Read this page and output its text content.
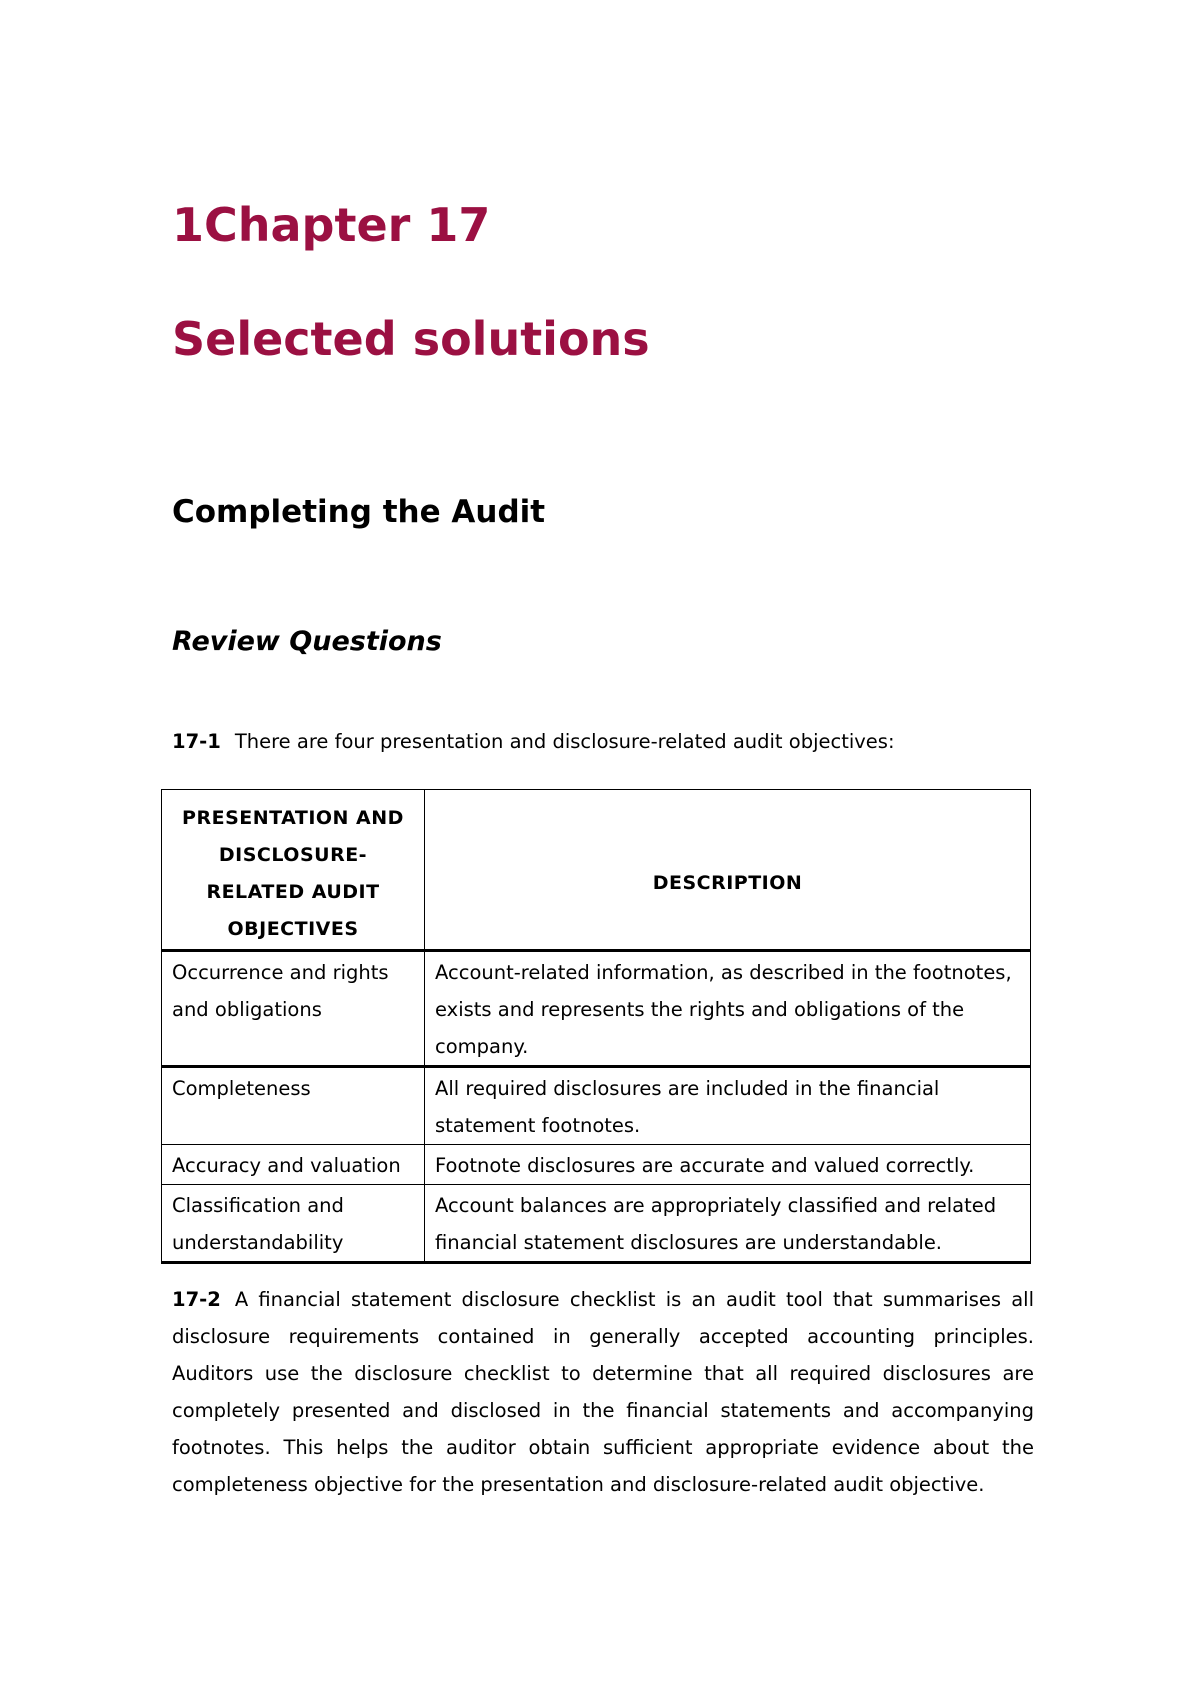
1Chapter 17
Selected solutions
Completing the Audit
Review Questions
17-1 There are four presentation and disclosure-related audit objectives:
PRESENTATION AND DISCLOSURE-RELATED AUDIT OBJECTIVES	DESCRIPTION
Occurrence and rights and obligations	Account-related information, as described in the footnotes, exists and represents the rights and obligations of the company.
Completeness	All required disclosures are included in the financial statement footnotes.
Accuracy and valuation	Footnote disclosures are accurate and valued correctly.
Classification and understandability	Account balances are appropriately classified and related financial statement disclosures are understandable.
17-2 A financial statement disclosure checklist is an audit tool that summarises all disclosure requirements contained in generally accepted accounting principles. Auditors use the disclosure checklist to determine that all required disclosures are completely presented and disclosed in the financial statements and accompanying footnotes. This helps the auditor obtain sufficient appropriate evidence about the completeness objective for the presentation and disclosure-related audit objective.
